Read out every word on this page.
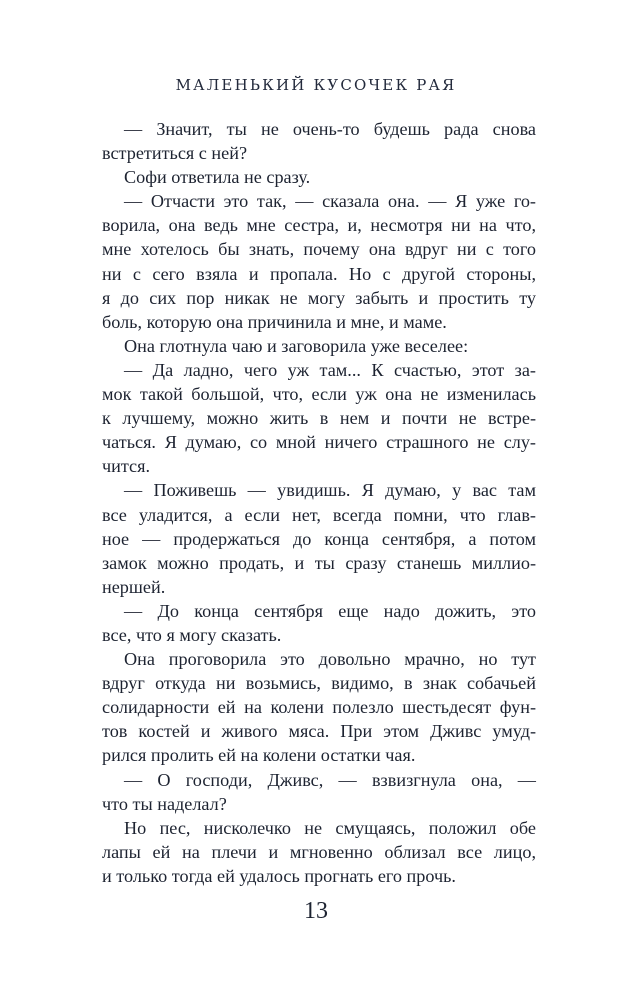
МАЛЕНЬКИЙ КУСОЧЕК РАЯ
— Значит, ты не очень-то будешь рада снова
встретиться с ней?
Софи ответила не сразу.
— Отчасти это так, — сказала она. — Я уже го-
ворила, она ведь мне сестра, и, несмотря ни на что,
мне хотелось бы знать, почему она вдруг ни с того
ни с сего взяла и пропала. Но с другой стороны,
я до сих пор никак не могу забыть и простить ту
боль, которую она причинила и мне, и маме.
Она глотнула чаю и заговорила уже веселее:
— Да ладно, чего уж там... К счастью, этот за-
мок такой большой, что, если уж она не изменилась
к лучшему, можно жить в нем и почти не встре-
чаться. Я думаю, со мной ничего страшного не слу-
чится.
— Поживешь — увидишь. Я думаю, у вас там
все уладится, а если нет, всегда помни, что глав-
ное — продержаться до конца сентября, а потом
замок можно продать, и ты сразу станешь миллио-
нершей.
— До конца сентября еще надо дожить, это
все, что я могу сказать.
Она проговорила это довольно мрачно, но тут
вдруг откуда ни возьмись, видимо, в знак собачьей
солидарности ей на колени полезло шестьдесят фун-
тов костей и живого мяса. При этом Дживс умуд-
рился пролить ей на колени остатки чая.
— О господи, Дживс, — взвизгнула она, —
что ты наделал?
Но пес, нисколечко не смущаясь, положил обе
лапы ей на плечи и мгновенно облизал все лицо,
и только тогда ей удалось прогнать его прочь.
13
